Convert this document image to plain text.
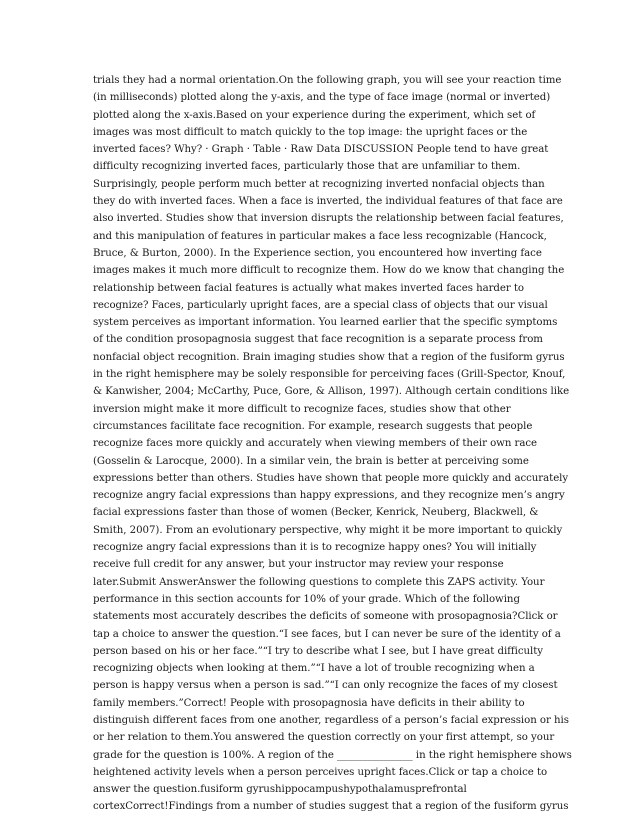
trials they had a normal orientation.On the following graph, you will see your reaction time
(in milliseconds) plotted along the y-axis, and the type of face image (normal or inverted)
plotted along the x-axis.Based on your experience during the experiment, which set of
images was most difficult to match quickly to the top image: the upright faces or the
inverted faces? Why? · Graph · Table · Raw Data DISCUSSION People tend to have great
difficulty recognizing inverted faces, particularly those that are unfamiliar to them.
Surprisingly, people perform much better at recognizing inverted nonfacial objects than
they do with inverted faces. When a face is inverted, the individual features of that face are
also inverted. Studies show that inversion disrupts the relationship between facial features,
and this manipulation of features in particular makes a face less recognizable (Hancock,
Bruce, & Burton, 2000). In the Experience section, you encountered how inverting face
images makes it much more difficult to recognize them. How do we know that changing the
relationship between facial features is actually what makes inverted faces harder to
recognize? Faces, particularly upright faces, are a special class of objects that our visual
system perceives as important information. You learned earlier that the specific symptoms
of the condition prosopagnosia suggest that face recognition is a separate process from
nonfacial object recognition. Brain imaging studies show that a region of the fusiform gyrus
in the right hemisphere may be solely responsible for perceiving faces (Grill-Spector, Knouf,
& Kanwisher, 2004; McCarthy, Puce, Gore, & Allison, 1997). Although certain conditions like
inversion might make it more difficult to recognize faces, studies show that other
circumstances facilitate face recognition. For example, research suggests that people
recognize faces more quickly and accurately when viewing members of their own race
(Gosselin & Larocque, 2000). In a similar vein, the brain is better at perceiving some
expressions better than others. Studies have shown that people more quickly and accurately
recognize angry facial expressions than happy expressions, and they recognize men’s angry
facial expressions faster than those of women (Becker, Kenrick, Neuberg, Blackwell, &
Smith, 2007). From an evolutionary perspective, why might it be more important to quickly
recognize angry facial expressions than it is to recognize happy ones? You will initially
receive full credit for any answer, but your instructor may review your response
later.Submit AnswerAnswer the following questions to complete this ZAPS activity. Your
performance in this section accounts for 10% of your grade. Which of the following
statements most accurately describes the deficits of someone with prosopagnosia?Click or
tap a choice to answer the question.“I see faces, but I can never be sure of the identity of a
person based on his or her face.”“I try to describe what I see, but I have great difficulty
recognizing objects when looking at them.”“I have a lot of trouble recognizing when a
person is happy versus when a person is sad.”“I can only recognize the faces of my closest
family members.”Correct! People with prosopagnosia have deficits in their ability to
distinguish different faces from one another, regardless of a person’s facial expression or his
or her relation to them.You answered the question correctly on your first attempt, so your
grade for the question is 100%. A region of the _______________ in the right hemisphere shows
heightened activity levels when a person perceives upright faces.Click or tap a choice to
answer the question.fusiform gyrushippocampushypothalamusprefrontal
cortexCorrect!Findings from a number of studies suggest that a region of the fusiform gyrus
